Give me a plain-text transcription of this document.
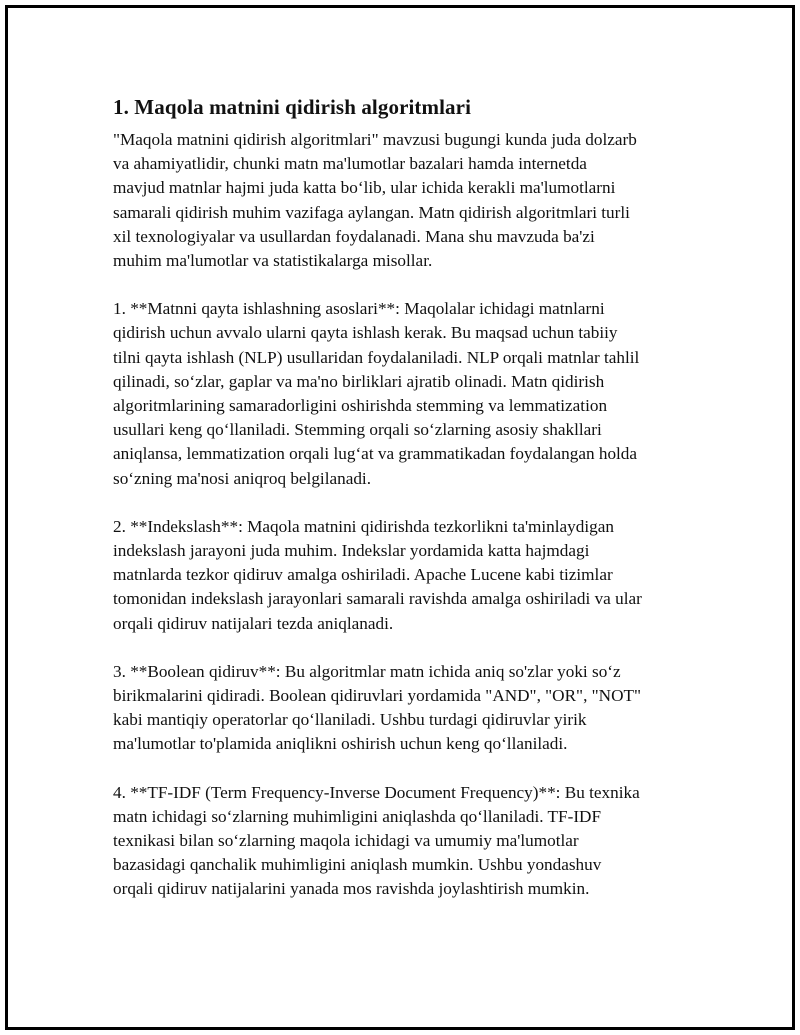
1. Maqola matnini qidirish algoritmlari

"Maqola matnini qidirish algoritmlari" mavzusi bugungi kunda juda dolzarb
va ahamiyatlidir, chunki matn ma'lumotlar bazalari hamda internetda
mavjud matnlar hajmi juda katta bo‘lib, ular ichida kerakli ma'lumotlarni
samarali qidirish muhim vazifaga aylangan. Matn qidirish algoritmlari turli
xil texnologiyalar va usullardan foydalanadi. Mana shu mavzuda ba'zi
muhim ma'lumotlar va statistikalarga misollar.

1. **Matnni qayta ishlashning asoslari**: Maqolalar ichidagi matnlarni
qidirish uchun avvalo ularni qayta ishlash kerak. Bu maqsad uchun tabiiy
tilni qayta ishlash (NLP) usullaridan foydalaniladi. NLP orqali matnlar tahlil
qilinadi, so‘zlar, gaplar va ma'no birliklari ajratib olinadi. Matn qidirish
algoritmlarining samaradorligini oshirishda stemming va lemmatization
usullari keng qo‘llaniladi. Stemming orqali so‘zlarning asosiy shakllari
aniqlansa, lemmatization orqali lug‘at va grammatikadan foydalangan holda
so‘zning ma'nosi aniqroq belgilanadi.

2. **Indekslash**: Maqola matnini qidirishda tezkorlikni ta'minlaydigan
indekslash jarayoni juda muhim. Indekslar yordamida katta hajmdagi
matnlarda tezkor qidiruv amalga oshiriladi. Apache Lucene kabi tizimlar
tomonidan indekslash jarayonlari samarali ravishda amalga oshiriladi va ular
orqali qidiruv natijalari tezda aniqlanadi.

3. **Boolean qidiruv**: Bu algoritmlar matn ichida aniq so'zlar yoki so‘z
birikmalarini qidiradi. Boolean qidiruvlari yordamida "AND", "OR", "NOT"
kabi mantiqiy operatorlar qo‘llaniladi. Ushbu turdagi qidiruvlar yirik
ma'lumotlar to'plamida aniqlikni oshirish uchun keng qo‘llaniladi.

4. **TF-IDF (Term Frequency-Inverse Document Frequency)**: Bu texnika
matn ichidagi so‘zlarning muhimligini aniqlashda qo‘llaniladi. TF-IDF
texnikasi bilan so‘zlarning maqola ichidagi va umumiy ma'lumotlar
bazasidagi qanchalik muhimligini aniqlash mumkin. Ushbu yondashuv
orqali qidiruv natijalarini yanada mos ravishda joylashtirish mumkin.
